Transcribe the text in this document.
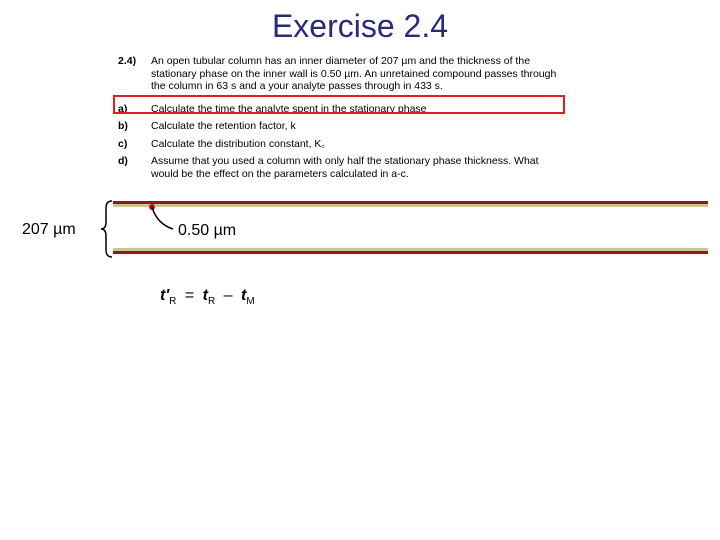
Exercise 2.4
2.4)	An open tubular column has an inner diameter of 207 µm and the thickness of the stationary phase on the inner wall is 0.50 µm. An unretained compound passes through the column in 63 s and a your analyte passes through in 433 s.
a)	Calculate the time the analyte spent in the stationary phase
b)	Calculate the retention factor, k
c)	Calculate the distribution constant, K꜀
d)	Assume that you used a column with only half the stationary phase thickness. What would be the effect on the parameters calculated in a-c.
207 µm	0.50 µm
$t'_R = t_R - t_M$
